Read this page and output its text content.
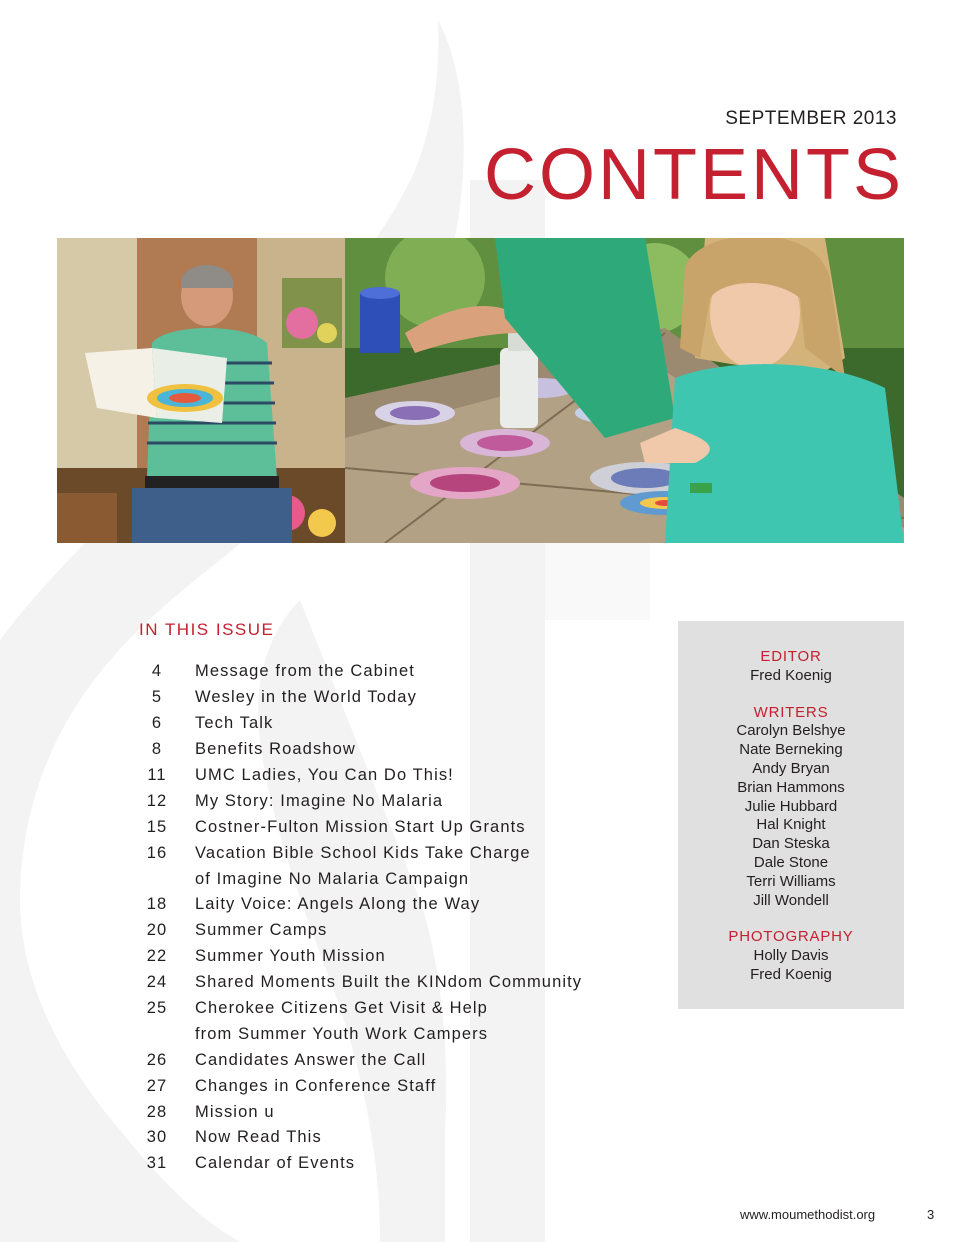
SEPTEMBER 2013
CONTENTS
IN THIS ISSUE
4	Message from the Cabinet
5	Wesley in the World Today
6	Tech Talk
8	Benefits Roadshow
11	UMC Ladies, You Can Do This!
12	My Story: Imagine No Malaria
15	Costner-Fulton Mission Start Up Grants
16	Vacation Bible School Kids Take Charge
of Imagine No Malaria Campaign
18	Laity Voice: Angels Along the Way
20	Summer Camps
22	Summer Youth Mission
24	Shared Moments Built the KINdom Community
25	Cherokee Citizens Get Visit & Help
from Summer Youth Work Campers
26	Candidates Answer the Call
27	Changes in Conference Staff
28	Mission u
30	Now Read This
31	Calendar of Events
EDITOR
Fred Koenig
WRITERS
Carolyn Belshye
Nate Berneking
Andy Bryan
Brian Hammons
Julie Hubbard
Hal Knight
Dan Steska
Dale Stone
Terri Williams
Jill Wondell
PHOTOGRAPHY
Holly Davis
Fred Koenig
www.moumethodist.org	3
